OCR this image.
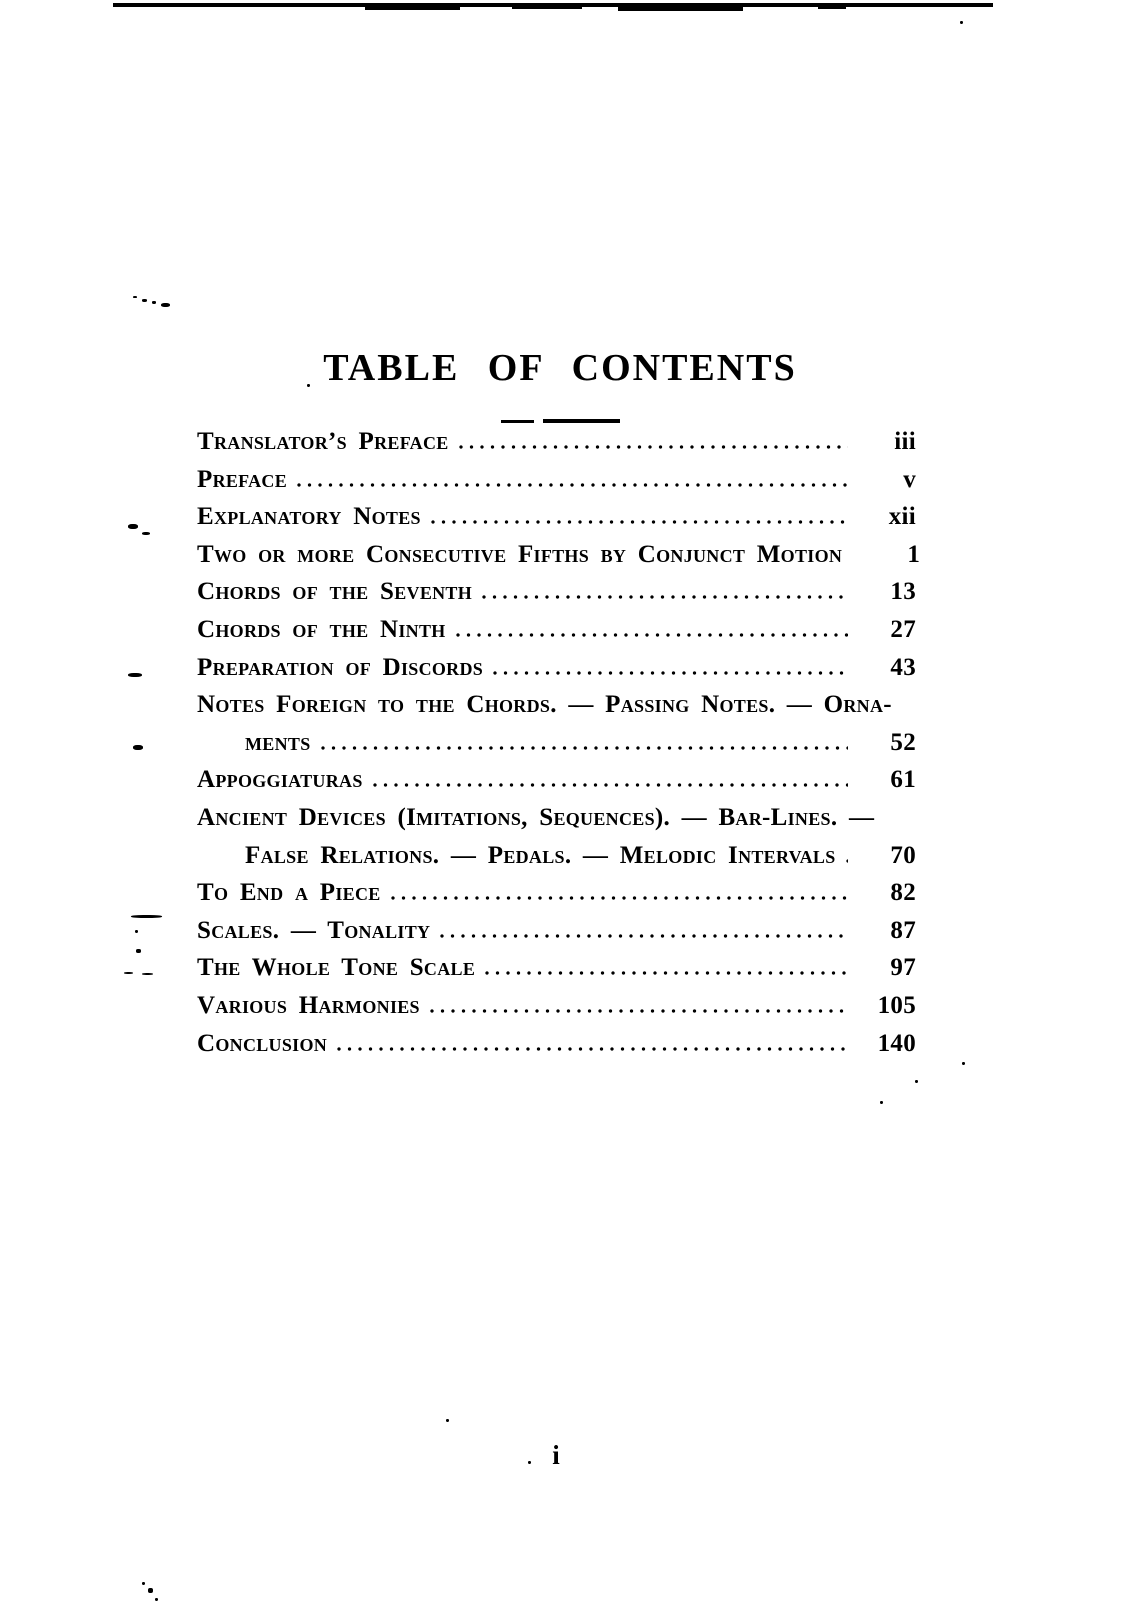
TABLE OF CONTENTS
Translator’s Preface	iii
Preface	v
Explanatory Notes	xii
Two or more Consecutive Fifths by Conjunct Motion	1
Chords of the Seventh	13
Chords of the Ninth	27
Preparation of Discords	43
Notes Foreign to the Chords. — Passing Notes. — Orna-
ments	52
Appoggiaturas	61
Ancient Devices (Imitations, Sequences). — Bar-Lines. —
False Relations. — Pedals. — Melodic Intervals	70
To End a Piece	82
Scales. — Tonality	87
The Whole Tone Scale	97
Various Harmonies	105
Conclusion	140
i
